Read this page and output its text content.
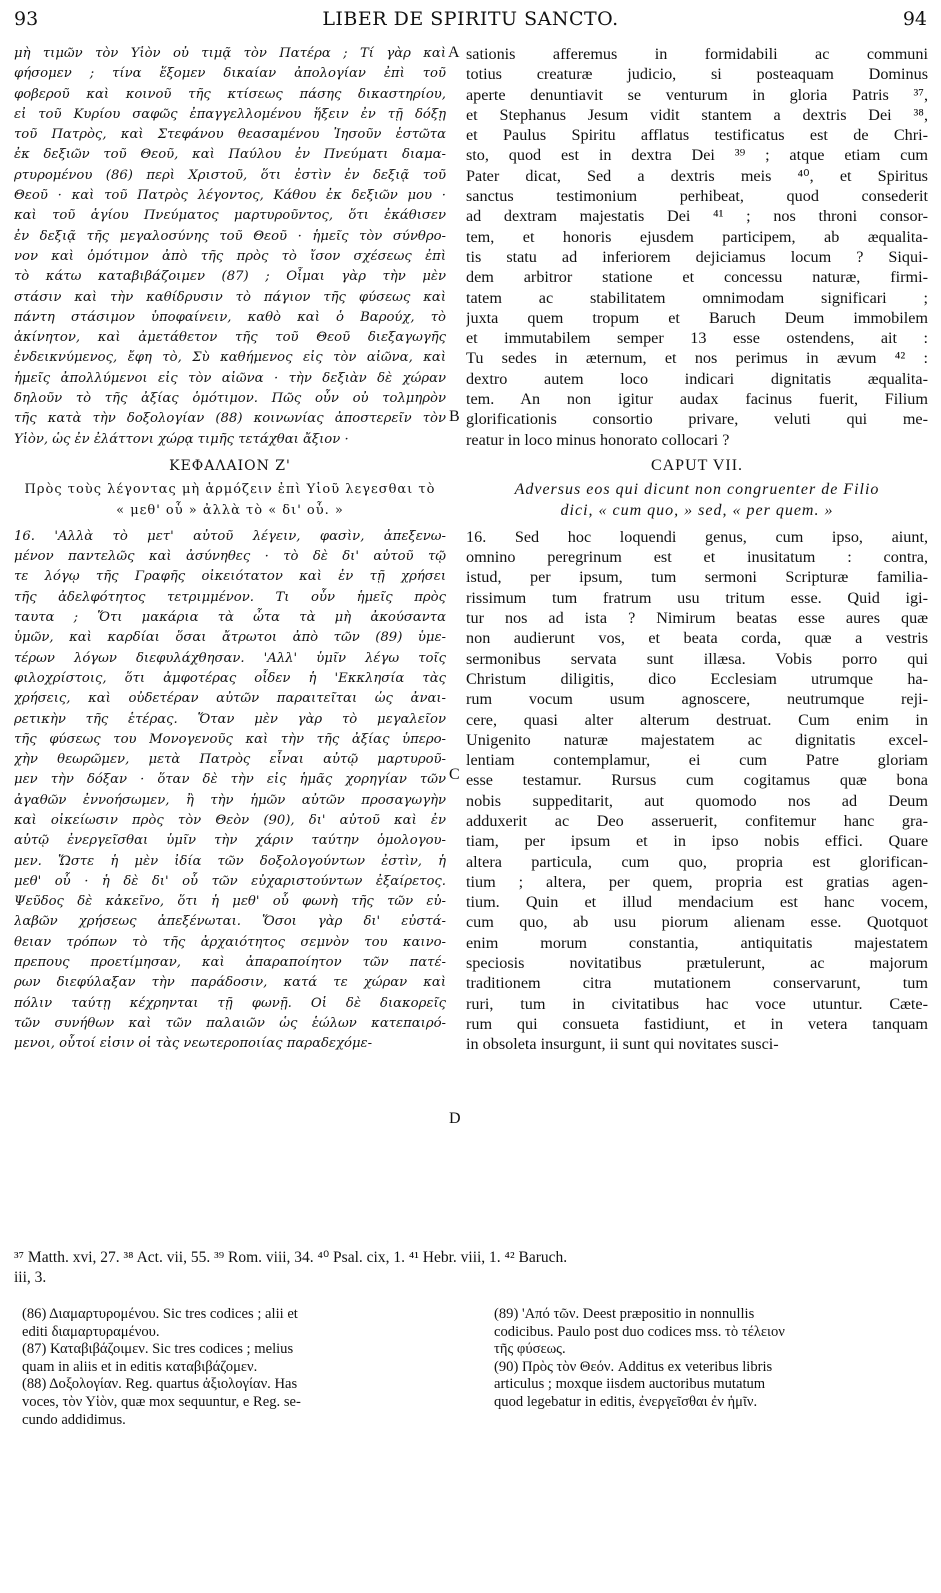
93	LIBER DE SPIRITU SANCTO.	94
μὴ τιμῶν τὸν Υἱὸν οὐ τιμᾷ τὸν Πατέρα ; Τί γὰρ καὶ
φήσομεν ; τίνα ἕξομεν δικαίαν ἀπολογίαν ἐπὶ τοῦ
φοβεροῦ καὶ κοινοῦ τῆς κτίσεως πάσης δικαστηρίου,
εἰ τοῦ Κυρίου σαφῶς ἐπαγγελλομένου ἥξειν ἐν τῇ δόξῃ
τοῦ Πατρὸς, καὶ Στεφάνου θεασαμένου Ἰησοῦν ἑστῶτα
ἐκ δεξιῶν τοῦ Θεοῦ, καὶ Παύλου ἐν Πνεύματι διαμα-
ρτυρομένου (86) περὶ Χριστοῦ, ὅτι ἐστὶν ἐν δεξιᾷ τοῦ
Θεοῦ · καὶ τοῦ Πατρὸς λέγοντος, Κάθου ἐκ δεξιῶν μου ·
καὶ τοῦ ἁγίου Πνεύματος μαρτυροῦντος, ὅτι ἐκάθισεν
ἐν δεξιᾷ τῆς μεγαλοσύνης τοῦ Θεοῦ · ἡμεῖς τὸν σύνθρο-
νον καὶ ὁμότιμον ἀπὸ τῆς πρὸς τὸ ἴσον σχέσεως ἐπὶ
τὸ κάτω καταβιβάζοιμεν (87) ; Οἶμαι γὰρ τὴν μὲν
στάσιν καὶ τὴν καθίδρυσιν τὸ πάγιον τῆς φύσεως καὶ
πάντη στάσιμον ὑποφαίνειν, καθὸ καὶ ὁ Βαρούχ, τὸ
ἀκίνητον, καὶ ἀμετάθετον τῆς τοῦ Θεοῦ διεξαγωγῆς
ἐνδεικνύμενος, ἔφη τὸ, Σὺ καθήμενος εἰς τὸν αἰῶνα, καὶ
ἡμεῖς ἀπολλύμενοι εἰς τὸν αἰῶνα · τὴν δεξιὰν δὲ χώραν
δηλοῦν τὸ τῆς ἀξίας ὁμότιμον. Πῶς οὖν οὐ τολμηρὸν
τῆς κατὰ τὴν δοξολογίαν (88) κοινωνίας ἀποστερεῖν τὸν
Υἱὸν, ὡς ἐν ἐλάττονι χώρᾳ τιμῆς τετάχθαι ἄξιον ·
ΚΕΦΑΛΑΙΟΝ Ζ'
Πρὸς τοὺς λέγοντας μὴ ἁρμόζειν ἐπὶ Υἱοῦ λεγεσθαι τὸ
« μεθ' οὗ » ἀλλὰ τὸ « δι' οὗ. »
16. 'Αλλὰ τὸ μετ' αὐτοῦ λέγειν, φασὶν, ἀπεξενω-
μένον παντελῶς καὶ ἀσύνηθες · τὸ δὲ δι' αὐτοῦ τῷ
τε λόγῳ τῆς Γραφῆς οἰκειότατον καὶ ἐν τῇ χρήσει
τῆς ἀδελφότητος τετριμμένον. Τι οὖν ἡμεῖς πρὸς
ταυτα ; Ὅτι μακάρια τὰ ὦτα τὰ μὴ ἀκούσαντα
ὑμῶν, καὶ καρδίαι ὅσαι ἄτρωτοι ἀπὸ τῶν (89) ὑμε-
τέρων λόγων διεφυλάχθησαν. 'Αλλ' ὑμῖν λέγω τοῖς
φιλοχρίστοις, ὅτι ἀμφοτέρας οἶδεν ἡ 'Εκκλησία τὰς
χρήσεις, καὶ οὐδετέραν αὐτῶν παραιτεῖται ὡς ἀναι-
ρετικὴν τῆς ἑτέρας. Ὅταν μὲν γὰρ τὸ μεγαλεῖον
τῆς φύσεως του Μονογενοῦς καὶ τὴν τῆς ἀξίας ὑπερο-
χὴν θεωρῶμεν, μετὰ Πατρὸς εἶναι αὐτῷ μαρτυροῦ-
μεν τὴν δόξαν · ὅταν δὲ τὴν εἰς ἡμᾶς χορηγίαν τῶν
ἀγαθῶν ἐννοήσωμεν, ἢ τὴν ἡμῶν αὐτῶν προσαγωγὴν
καὶ οἰκείωσιν πρὸς τὸν Θεὸν (90), δι' αὐτοῦ καὶ ἐν
αὐτῷ ἐνεργεῖσθαι ὑμῖν τὴν χάριν ταύτην ὁμολογου-
μεν. Ὥστε ἡ μὲν ἰδία τῶν δοξολογούντων ἐστὶν, ἡ
μεθ' οὗ · ἡ δὲ δι' οὗ τῶν εὐχαριστούντων ἐξαίρετος.
Ψεῦδος δὲ κἀκεῖνο, ὅτι ἡ μεθ' οὗ φωνὴ τῆς τῶν εὐ-
λαβῶν χρήσεως ἀπεξένωται. Ὅσοι γὰρ δι' εὐστά-
θειαν τρόπων τὸ τῆς ἀρχαιότητος σεμνὸν του καινο-
πρεπους προετίμησαν, καὶ ἀπαραποίητον τῶν πατέ-
ρων διεφύλαξαν τὴν παράδοσιν, κατά τε χώραν καὶ
πόλιν ταύτῃ κέχρηνται τῇ φωνῇ. Οἱ δὲ διακορεῖς
τῶν συνήθων καὶ τῶν παλαιῶν ὡς ἑώλων κατεπαιρό-
μενοι, οὗτοί εἰσιν οἱ τὰς νεωτεροποιίας παραδεχόμε-
sationis afferemus in formidabili ac communi
totius creaturæ judicio, si posteaquam Dominus
aperte denuntiavit se venturum in gloria Patris ³⁷,
et Stephanus Jesum vidit stantem a dextris Dei ³⁸,
et Paulus Spiritu afflatus testificatus est de Chri-
sto, quod est in dextra Dei ³⁹ ; atque etiam cum
Pater dicat, Sed a dextris meis ⁴⁰, et Spiritus
sanctus testimonium perhibeat, quod consederit
ad dextram majestatis Dei ⁴¹ ; nos throni consor-
tem, et honoris ejusdem participem, ab æqualita-
tis statu ad inferiorem dejiciamus locum ? Siqui-
dem arbitror statione et concessu naturæ, firmi-
tatem ac stabilitatem omnimodam significari ;
juxta quem tropum et Baruch Deum immobilem
et immutabilem semper 13 esse ostendens, ait :
Tu sedes in æternum, et nos perimus in ævum ⁴² :
dextro autem loco indicari dignitatis æqualita-
tem. An non igitur audax facinus fuerit, Filium
glorificationis consortio privare, veluti qui me-
reatur in loco minus honorato collocari ?
CAPUT VII.
Adversus eos qui dicunt non congruenter de Filio
dici, « cum quo, » sed, « per quem. »
16. Sed hoc loquendi genus, cum ipso, aiunt,
omnino peregrinum est et inusitatum : contra,
istud, per ipsum, tum sermoni Scripturæ familia-
rissimum tum fratrum usu tritum esse. Quid igi-
tur nos ad ista ? Nimirum beatas esse aures quæ
non audierunt vos, et beata corda, quæ a vestris
sermonibus servata sunt illæsa. Vobis porro qui
Christum diligitis, dico Ecclesiam utrumque ha-
rum vocum usum agnoscere, neutrumque reji-
cere, quasi alter alterum destruat. Cum enim in
Unigenito naturæ majestatem ac dignitatis excel-
lentiam contemplamur, ei cum Patre gloriam
esse testamur. Rursus cum cogitamus quæ bona
nobis suppeditarit, aut quomodo nos ad Deum
adduxerit ac Deo asseruerit, confitemur hanc gra-
tiam, per ipsum et in ipso nobis effici. Quare
altera particula, cum quo, propria est glorifican-
tium ; altera, per quem, propria est gratias agen-
tium. Quin et illud mendacium est hanc vocem,
cum quo, ab usu piorum alienam esse. Quotquot
enim morum constantia, antiquitatis majestatem
speciosis novitatibus prætulerunt, ac majorum
traditionem citra mutationem conservarunt, tum
ruri, tum in civitatibus hac voce utuntur. Cæte-
rum qui consueta fastidiunt, et in vetera tanquam
in obsoleta insurgunt, ii sunt qui novitates susci-
A
B
C
D
³⁷ Matth. xvi, 27. ³⁸ Act. vii, 55. ³⁹ Rom. viii, 34. ⁴⁰ Psal. cix, 1. ⁴¹ Hebr. viii, 1. ⁴² Baruch.
iii, 3.
(86) Διαμαρτυρομένου. Sic tres codices ; alii et
editi διαμαρτυραμένου.
(87) Καταβιβάζοιμεν. Sic tres codices ; melius
quam in aliis et in editis καταβιβάζομεν.
(88) Δοξολογίαν. Reg. quartus ἀξιολογίαν. Has
voces, τὸν Υἱὸν, quæ mox sequuntur, e Reg. se-
cundo addidimus.
(89) 'Από τῶν. Deest præpositio in nonnullis
codicibus. Paulo post duo codices mss. τὸ τέλειον
τῆς φύσεως.
(90) Πρὸς τὸν Θεόν. Additus ex veteribus libris
articulus ; moxque iisdem auctoribus mutatum
quod legebatur in editis, ἐνεργεῖσθαι ἐν ἡμῖν.
